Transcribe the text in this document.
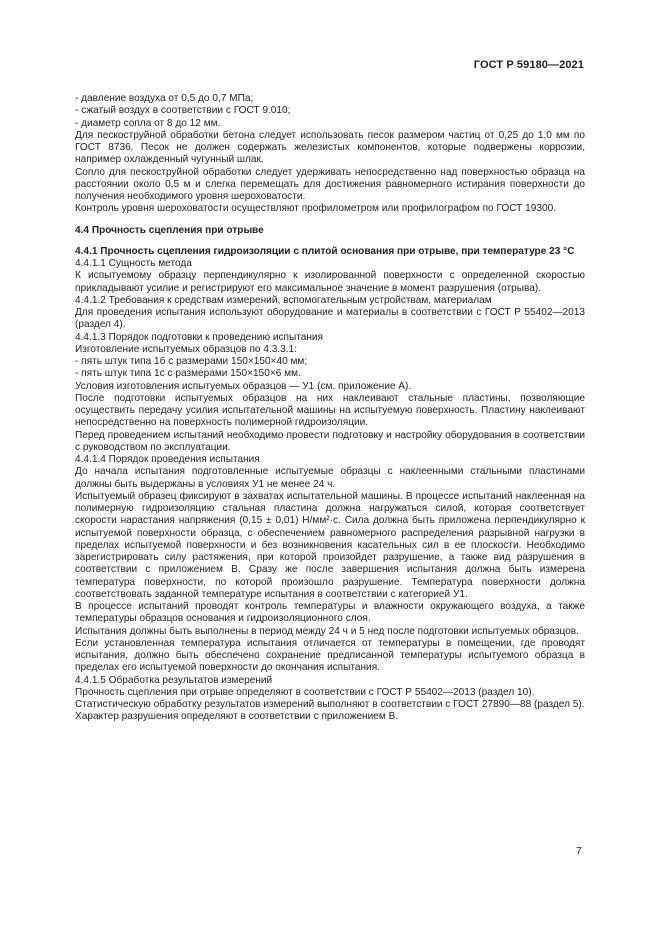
ГОСТ Р 59180—2021

- давление воздуха от 0,5 до 0,7 МПа;

- сжатый воздух в соответствии с ГОСТ 9.010;

- диаметр сопла от 8 до 12 мм.

Для пескоструйной обработки бетона следует использовать песок размером частиц от 0,25 до 1,0 мм по ГОСТ 8736. Песок не должен содержать железистых компонентов, которые подвержены коррозии, например охлажденный чугунный шлак.

Сопло для пескоструйной обработки следует удерживать непосредственно над поверхностью образца на расстоянии около 0,5 м и слегка перемещать для достижения равномерного истирания поверхности до получения необходимого уровня шероховатости.

Контроль уровня шероховатости осуществляют профилометром или профилографом по ГОСТ 19300.

4.4 Прочность сцепления при отрыве

4.4.1 Прочность сцепления гидроизоляции с плитой основания при отрыве, при температуре 23 °С

4.4.1.1 Сущность метода

К испытуемому образцу перпендикулярно к изолированной поверхности с определенной скоростью прикладывают усилие и регистрируют его максимальное значение в момент разрушения (отрыва).

4.4.1.2 Требования к средствам измерений, вспомогательным устройствам, материалам

Для проведения испытания используют оборудование и материалы в соответствии с ГОСТ Р 55402—2013 (раздел 4).

4.4.1.3 Порядок подготовки к проведению испытания

Изготовление испытуемых образцов по 4.3.3.1:

- пять штук типа 1б с размерами 150×150×40 мм;

- пять штук типа 1с с размерами 150×150×6 мм.

Условия изготовления испытуемых образцов — У1 (см. приложение А).

После подготовки испытуемых образцов на них наклеивают стальные пластины, позволяющие осуществить передачу усилия испытательной машины на испытуемую поверхность. Пластину наклеивают непосредственно на поверхность полимерной гидроизоляции.

Перед проведением испытаний необходимо провести подготовку и настройку оборудования в соответствии с руководством по эксплуатации.

4.4.1.4 Порядок проведения испытания

До начала испытания подготовленные испытуемые образцы с наклеенными стальными пластинами должны быть выдержаны в условиях У1 не менее 24 ч.

Испытуемый образец фиксируют в захватах испытательной машины. В процессе испытаний наклеенная на полимерную гидроизоляцию стальная пластина должна нагружаться силой, которая соответствует скорости нарастания напряжения (0,15 ± 0,01) Н/мм²·с. Сила должна быть приложена перпендикулярно к испытуемой поверхности образца, с обеспечением равномерного распределения разрывной нагрузки в пределах испытуемой поверхности и без возникновения касательных сил в ее плоскости. Необходимо зарегистрировать силу растяжения, при которой произойдет разрушение, а также вид разрушения в соответствии с приложением В. Сразу же после завершения испытания должна быть измерена температура поверхности, по которой произошло разрушение. Температура поверхности должна соответствовать заданной температуре испытания в соответствии с категорией У1.

В процессе испытаний проводят контроль температуры и влажности окружающего воздуха, а также температуры образцов основания и гидроизоляционного слоя.

Испытания должны быть выполнены в период между 24 ч и 5 нед после подготовки испытуемых образцов.

Если установленная температура испытания отличается от температуры в помещении, где проводят испытания, должно быть обеспечено сохранение предписанной температуры испытуемого образца в пределах его испытуемой поверхности до окончания испытания.

4.4.1.5 Обработка результатов измерений

Прочность сцепления при отрыве определяют в соответствии с ГОСТ Р 55402—2013 (раздел 10).

Статистическую обработку результатов измерений выполняют в соответствии с ГОСТ 27890—88 (раздел 5).

Характер разрушения определяют в соответствии с приложением В.

7
